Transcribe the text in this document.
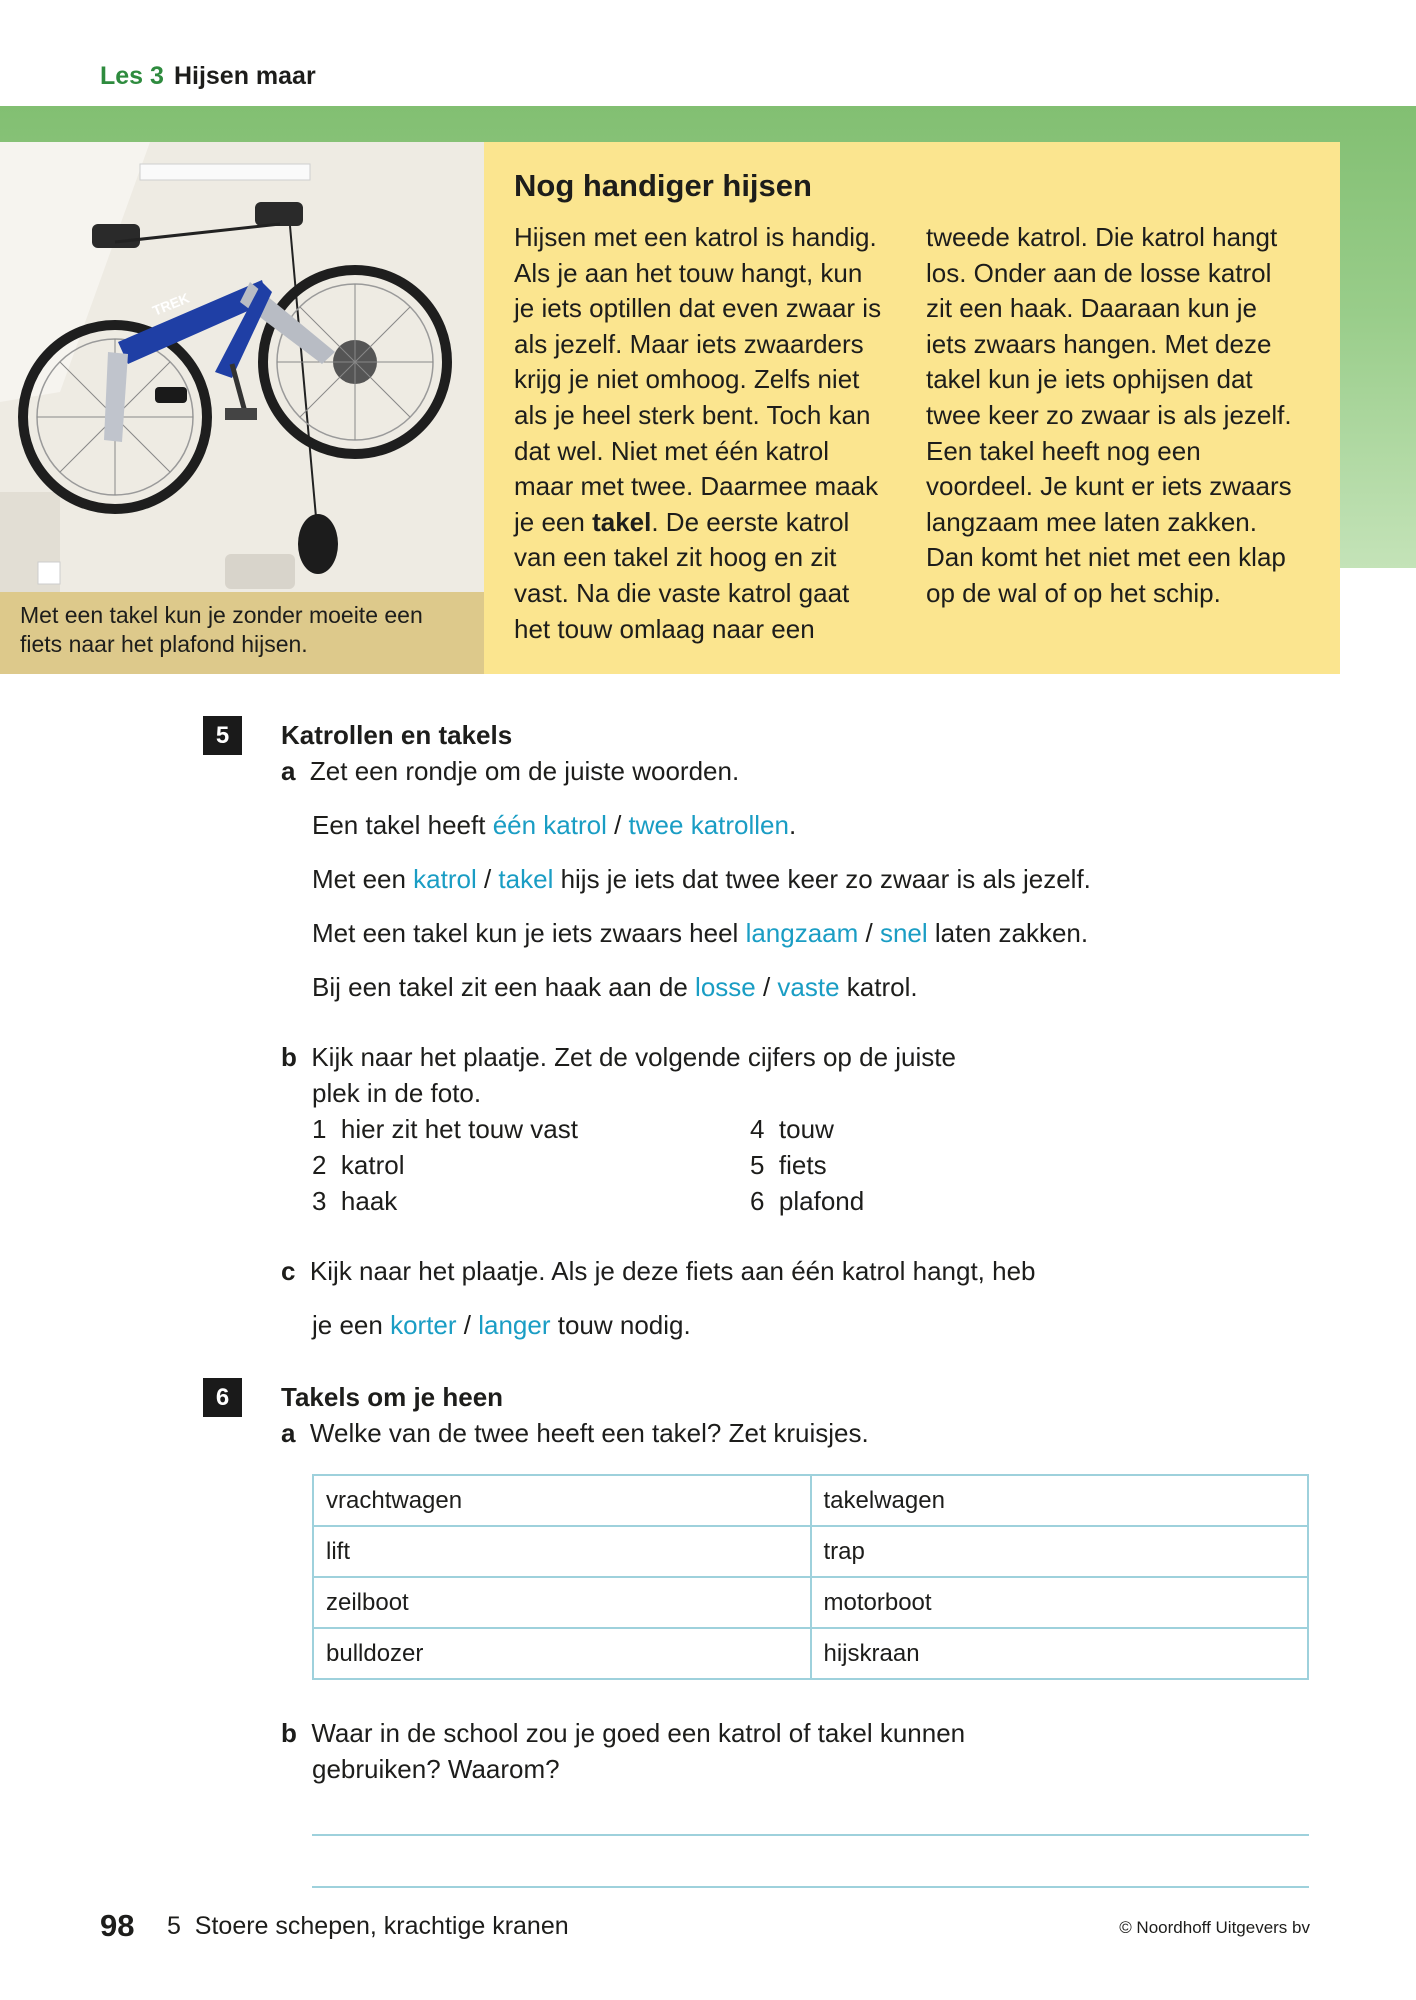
Les 3 Hijsen maar
TREK
Met een takel kun je zonder moeite een fiets naar het plafond hijsen.
Nog handiger hijsen
Hijsen met een katrol is handig.
Als je aan het touw hangt, kun
je iets optillen dat even zwaar is
als jezelf. Maar iets zwaarders
krijg je niet omhoog. Zelfs niet
als je heel sterk bent. Toch kan
dat wel. Niet met één katrol
maar met twee. Daarmee maak
je een takel. De eerste katrol
van een takel zit hoog en zit
vast. Na die vaste katrol gaat
het touw omlaag naar een
tweede katrol. Die katrol hangt
los. Onder aan de losse katrol
zit een haak. Daaraan kun je
iets zwaars hangen. Met deze
takel kun je iets ophijsen dat
twee keer zo zwaar is als jezelf.
Een takel heeft nog een
voordeel. Je kunt er iets zwaars
langzaam mee laten zakken.
Dan komt het niet met een klap
op de wal of op het schip.
5	Katrollen en takels
a Zet een rondje om de juiste woorden.
Een takel heeft één katrol / twee katrollen.
Met een katrol / takel hijs je iets dat twee keer zo zwaar is als jezelf.
Met een takel kun je iets zwaars heel langzaam / snel laten zakken.
Bij een takel zit een haak aan de losse / vaste katrol.
b Kijk naar het plaatje. Zet de volgende cijfers op de juiste
plek in de foto.
1 hier zit het touw vast
2 katrol
3 haak
4 touw
5 fiets
6 plafond
c Kijk naar het plaatje. Als je deze fiets aan één katrol hangt, heb
je een korter / langer touw nodig.
6	Takels om je heen
a Welke van de twee heeft een takel? Zet kruisjes.
vrachtwagen	takelwagen
lift	trap
zeilboot	motorboot
bulldozer	hijskraan
b Waar in de school zou je goed een katrol of takel kunnen
gebruiken? Waarom?
98 5  Stoere schepen, krachtige kranen	© Noordhoff Uitgevers bv
